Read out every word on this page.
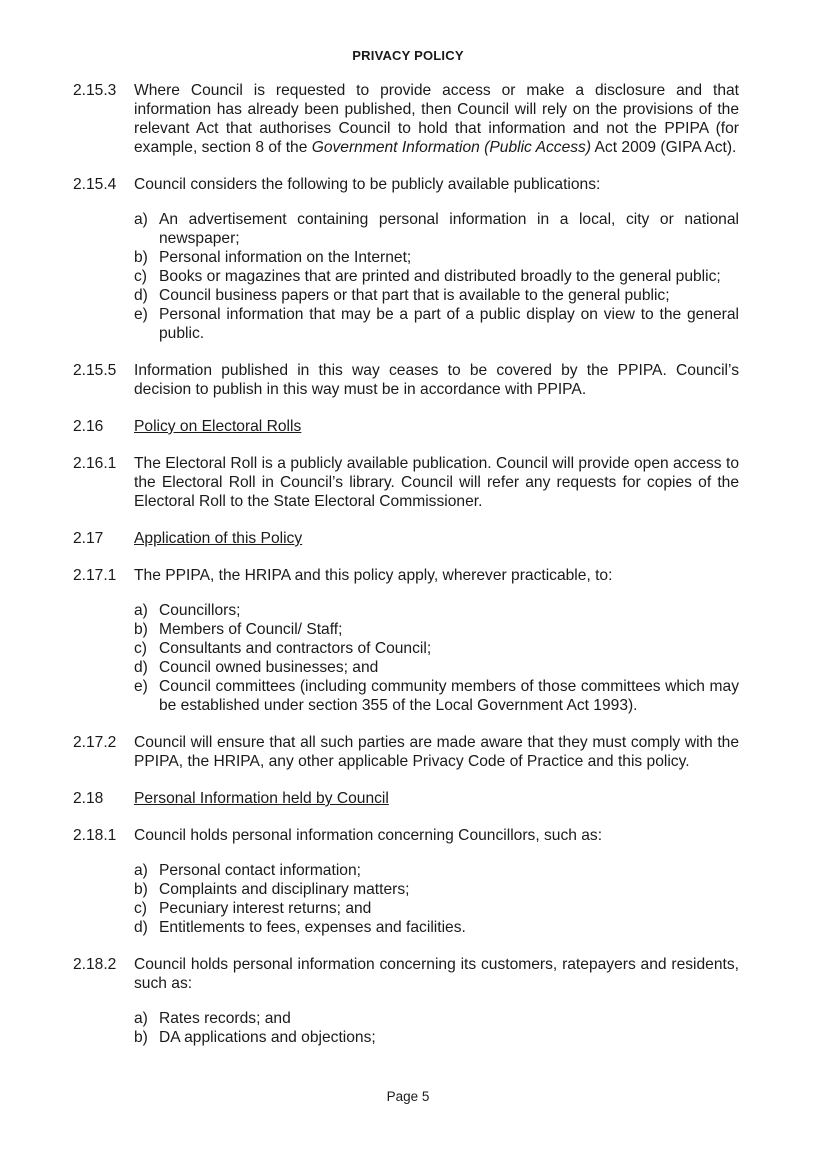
PRIVACY POLICY
2.15.3	Where Council is requested to provide access or make a disclosure and that information has already been published, then Council will rely on the provisions of the relevant Act that authorises Council to hold that information and not the PPIPA (for example, section 8 of the Government Information (Public Access) Act 2009 (GIPA Act).
2.15.4	Council considers the following to be publicly available publications:
a) An advertisement containing personal information in a local, city or national newspaper;
b) Personal information on the Internet;
c) Books or magazines that are printed and distributed broadly to the general public;
d) Council business papers or that part that is available to the general public;
e) Personal information that may be a part of a public display on view to the general public.
2.15.5	Information published in this way ceases to be covered by the PPIPA. Council’s decision to publish in this way must be in accordance with PPIPA.
2.16	Policy on Electoral Rolls
2.16.1	The Electoral Roll is a publicly available publication. Council will provide open access to the Electoral Roll in Council’s library. Council will refer any requests for copies of the Electoral Roll to the State Electoral Commissioner.
2.17	Application of this Policy
2.17.1	The PPIPA, the HRIPA and this policy apply, wherever practicable, to:
a) Councillors;
b) Members of Council/ Staff;
c) Consultants and contractors of Council;
d) Council owned businesses; and
e) Council committees (including community members of those committees which may be established under section 355 of the Local Government Act 1993).
2.17.2	Council will ensure that all such parties are made aware that they must comply with the PPIPA, the HRIPA, any other applicable Privacy Code of Practice and this policy.
2.18	Personal Information held by Council
2.18.1	Council holds personal information concerning Councillors, such as:
a) Personal contact information;
b) Complaints and disciplinary matters;
c) Pecuniary interest returns; and
d) Entitlements to fees, expenses and facilities.
2.18.2	Council holds personal information concerning its customers, ratepayers and residents, such as:
a) Rates records; and
b) DA applications and objections;
Page 5
